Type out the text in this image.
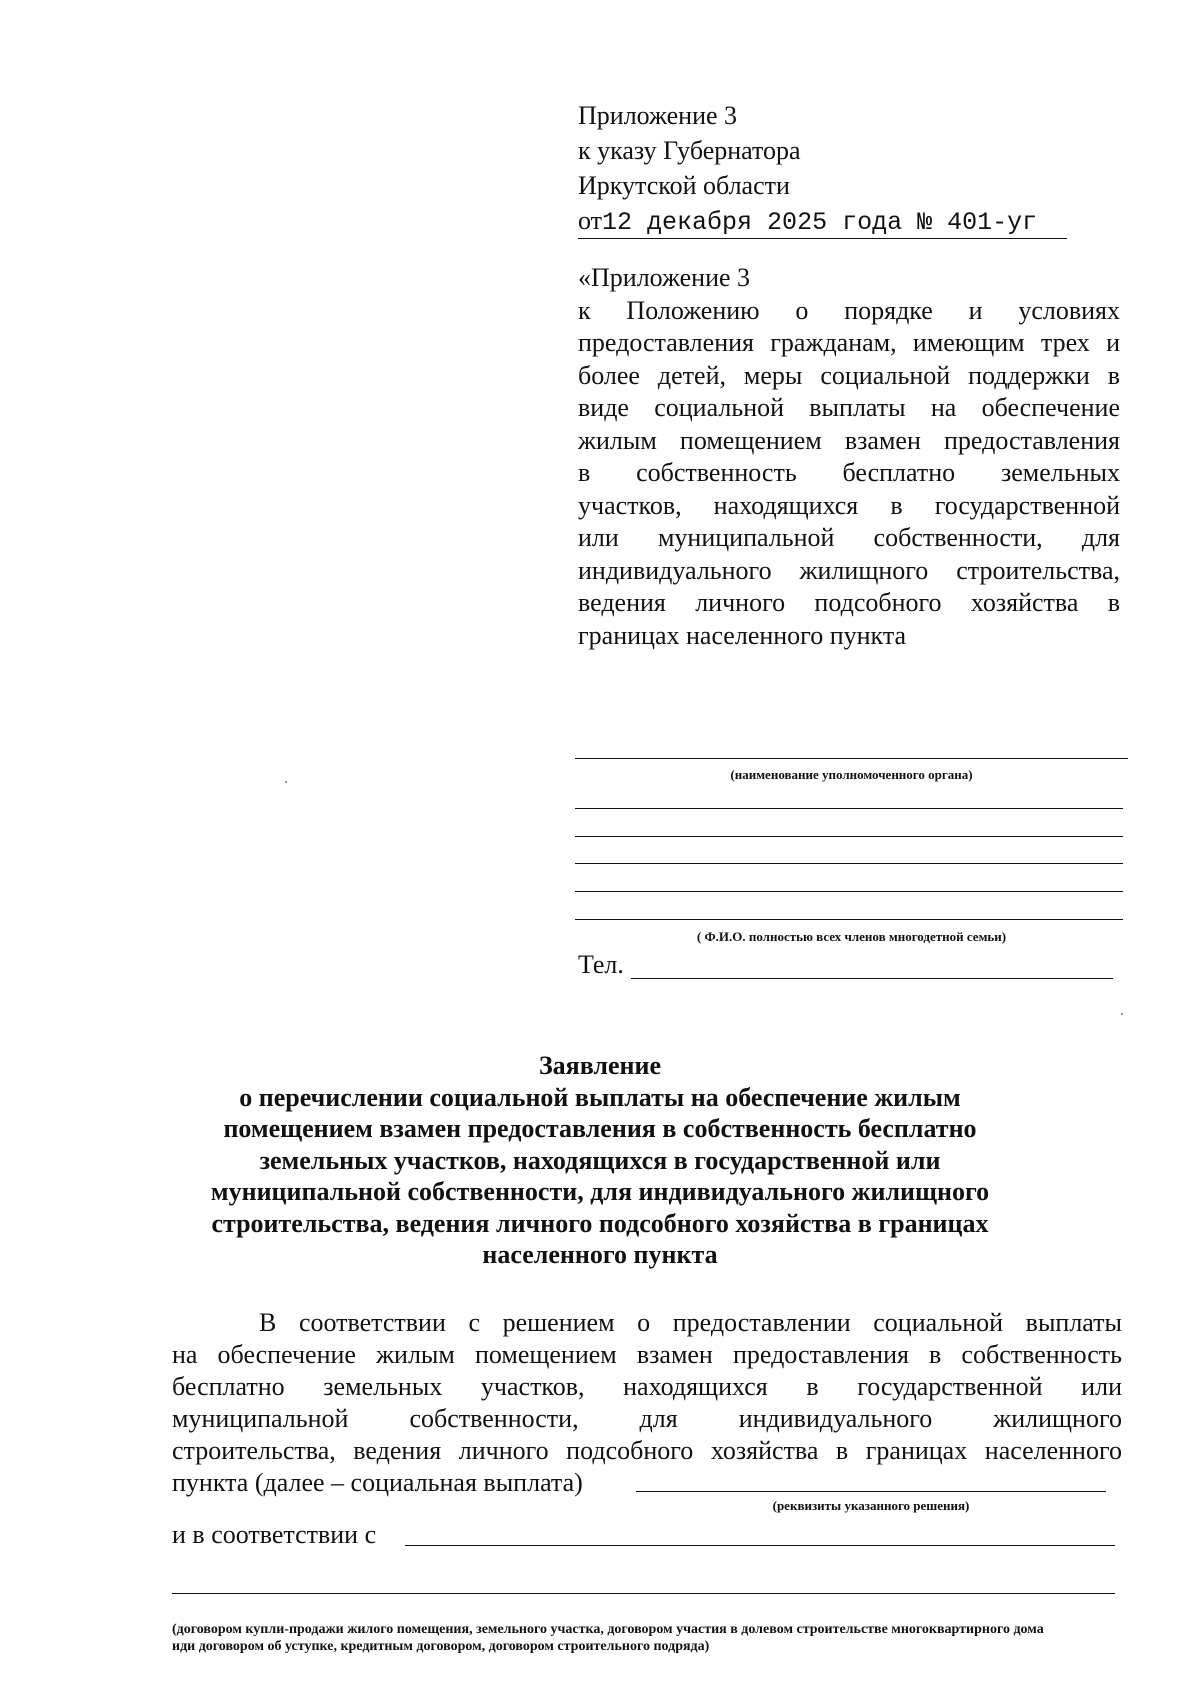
Приложение 3
к указу Губернатора
Иркутской области
от12 декабря 2025 года № 401-уг
«Приложение 3
к Положению о порядке и условиях
предоставления гражданам, имеющим трех и
более детей, меры социальной поддержки в
виде социальной выплаты на обеспечение
жилым помещением взамен предоставления
в собственность бесплатно земельных
участков, находящихся в государственной
или муниципальной собственности, для
индивидуального жилищного строительства,
ведения личного подсобного хозяйства в
границах населенного пункта
(наименование уполномоченного органа)
( Ф.И.О. полностью всех членов многодетной семьи)
Тел.
Заявление
о перечислении социальной выплаты на обеспечение жилым
помещением взамен предоставления в собственность бесплатно
земельных участков, находящихся в государственной или
муниципальной собственности, для индивидуального жилищного
строительства, ведения личного подсобного хозяйства в границах
населенного пункта
В соответствии с решением о предоставлении социальной выплаты
на обеспечение жилым помещением взамен предоставления в собственность
бесплатно земельных участков, находящихся в государственной или
муниципальной собственности, для индивидуального жилищного
строительства, ведения личного подсобного хозяйства в границах населенного
пункта (далее – социальная выплата)
(реквизиты указанного решения)
и в соответствии с
(договором купли-продажи жилого помещения, земельного участка, договором участия в долевом строительстве многоквартирного дома
иди договором об уступке, кредитным договором, договором строительного подряда)
